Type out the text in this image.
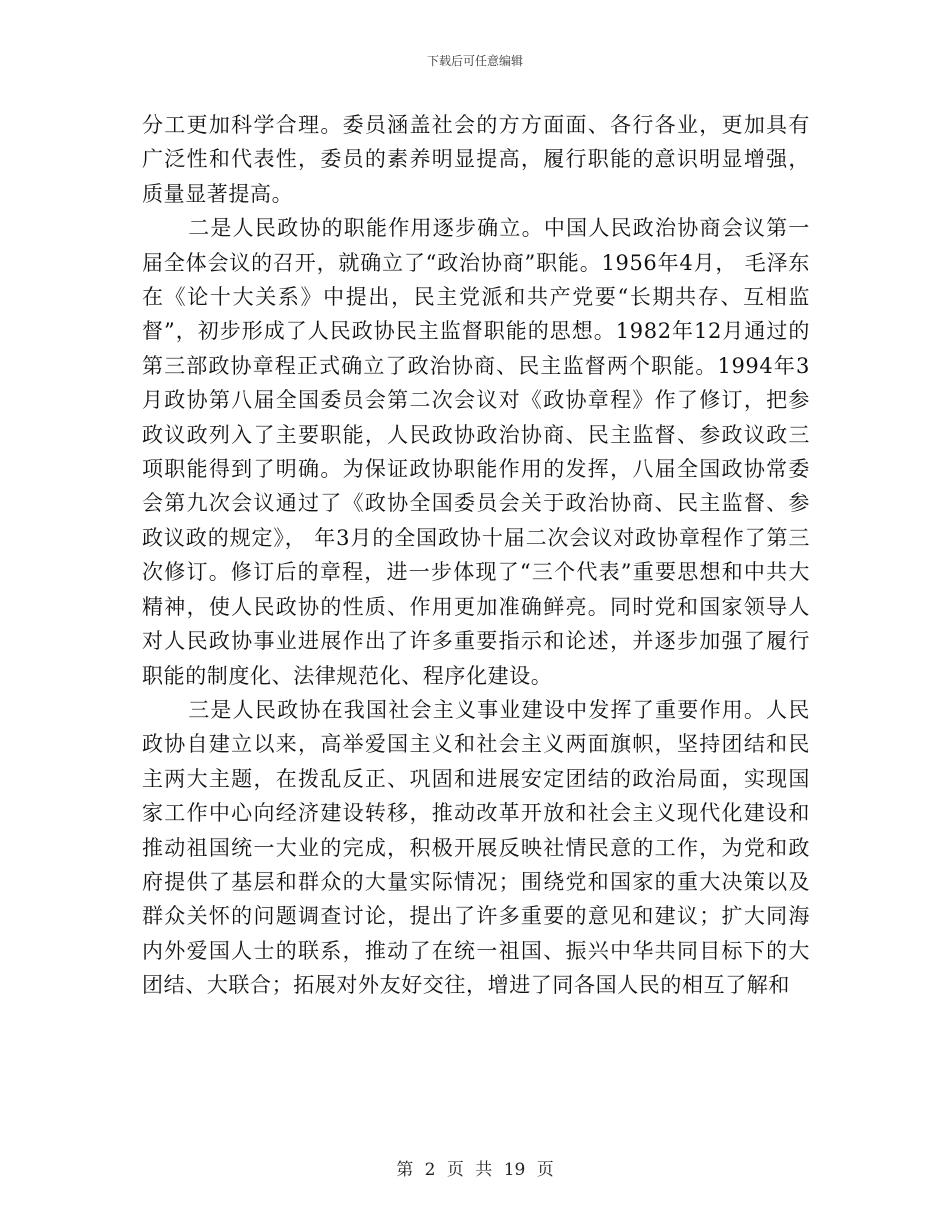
下载后可任意编辑

分工更加科学合理。委员涵盖社会的方方面面、各行各业，更加具有广泛性和代表性，委员的素养明显提高，履行职能的意识明显增强，质量显著提高。

二是人民政协的职能作用逐步确立。中国人民政治协商会议第一届全体会议的召开，就确立了“政治协商”职能。1956年4月， 毛泽东在《论十大关系》中提出，民主党派和共产党要“长期共存、互相监督”，初步形成了人民政协民主监督职能的思想。1982年12月通过的第三部政协章程正式确立了政治协商、民主监督两个职能。1994年3月政协第八届全国委员会第二次会议对《政协章程》作了修订，把参政议政列入了主要职能，人民政协政治协商、民主监督、参政议政三项职能得到了明确。为保证政协职能作用的发挥，八届全国政协常委会第九次会议通过了《政协全国委员会关于政治协商、民主监督、参政议政的规定》， 年3月的全国政协十届二次会议对政协章程作了第三次修订。修订后的章程，进一步体现了“三个代表”重要思想和中共大精神，使人民政协的性质、作用更加准确鲜亮。同时党和国家领导人对人民政协事业进展作出了许多重要指示和论述，并逐步加强了履行职能的制度化、法律规范化、程序化建设。

三是人民政协在我国社会主义事业建设中发挥了重要作用。人民政协自建立以来，高举爱国主义和社会主义两面旗帜，坚持团结和民主两大主题，在拨乱反正、巩固和进展安定团结的政治局面，实现国家工作中心向经济建设转移，推动改革开放和社会主义现代化建设和推动祖国统一大业的完成，积极开展反映社情民意的工作，为党和政府提供了基层和群众的大量实际情况；围绕党和国家的重大决策以及群众关怀的问题调查讨论，提出了许多重要的意见和建议；扩大同海内外爱国人士的联系，推动了在统一祖国、振兴中华共同目标下的大团结、大联合；拓展对外友好交往，增进了同各国人民的相互了解和

第 2 页 共 19 页
